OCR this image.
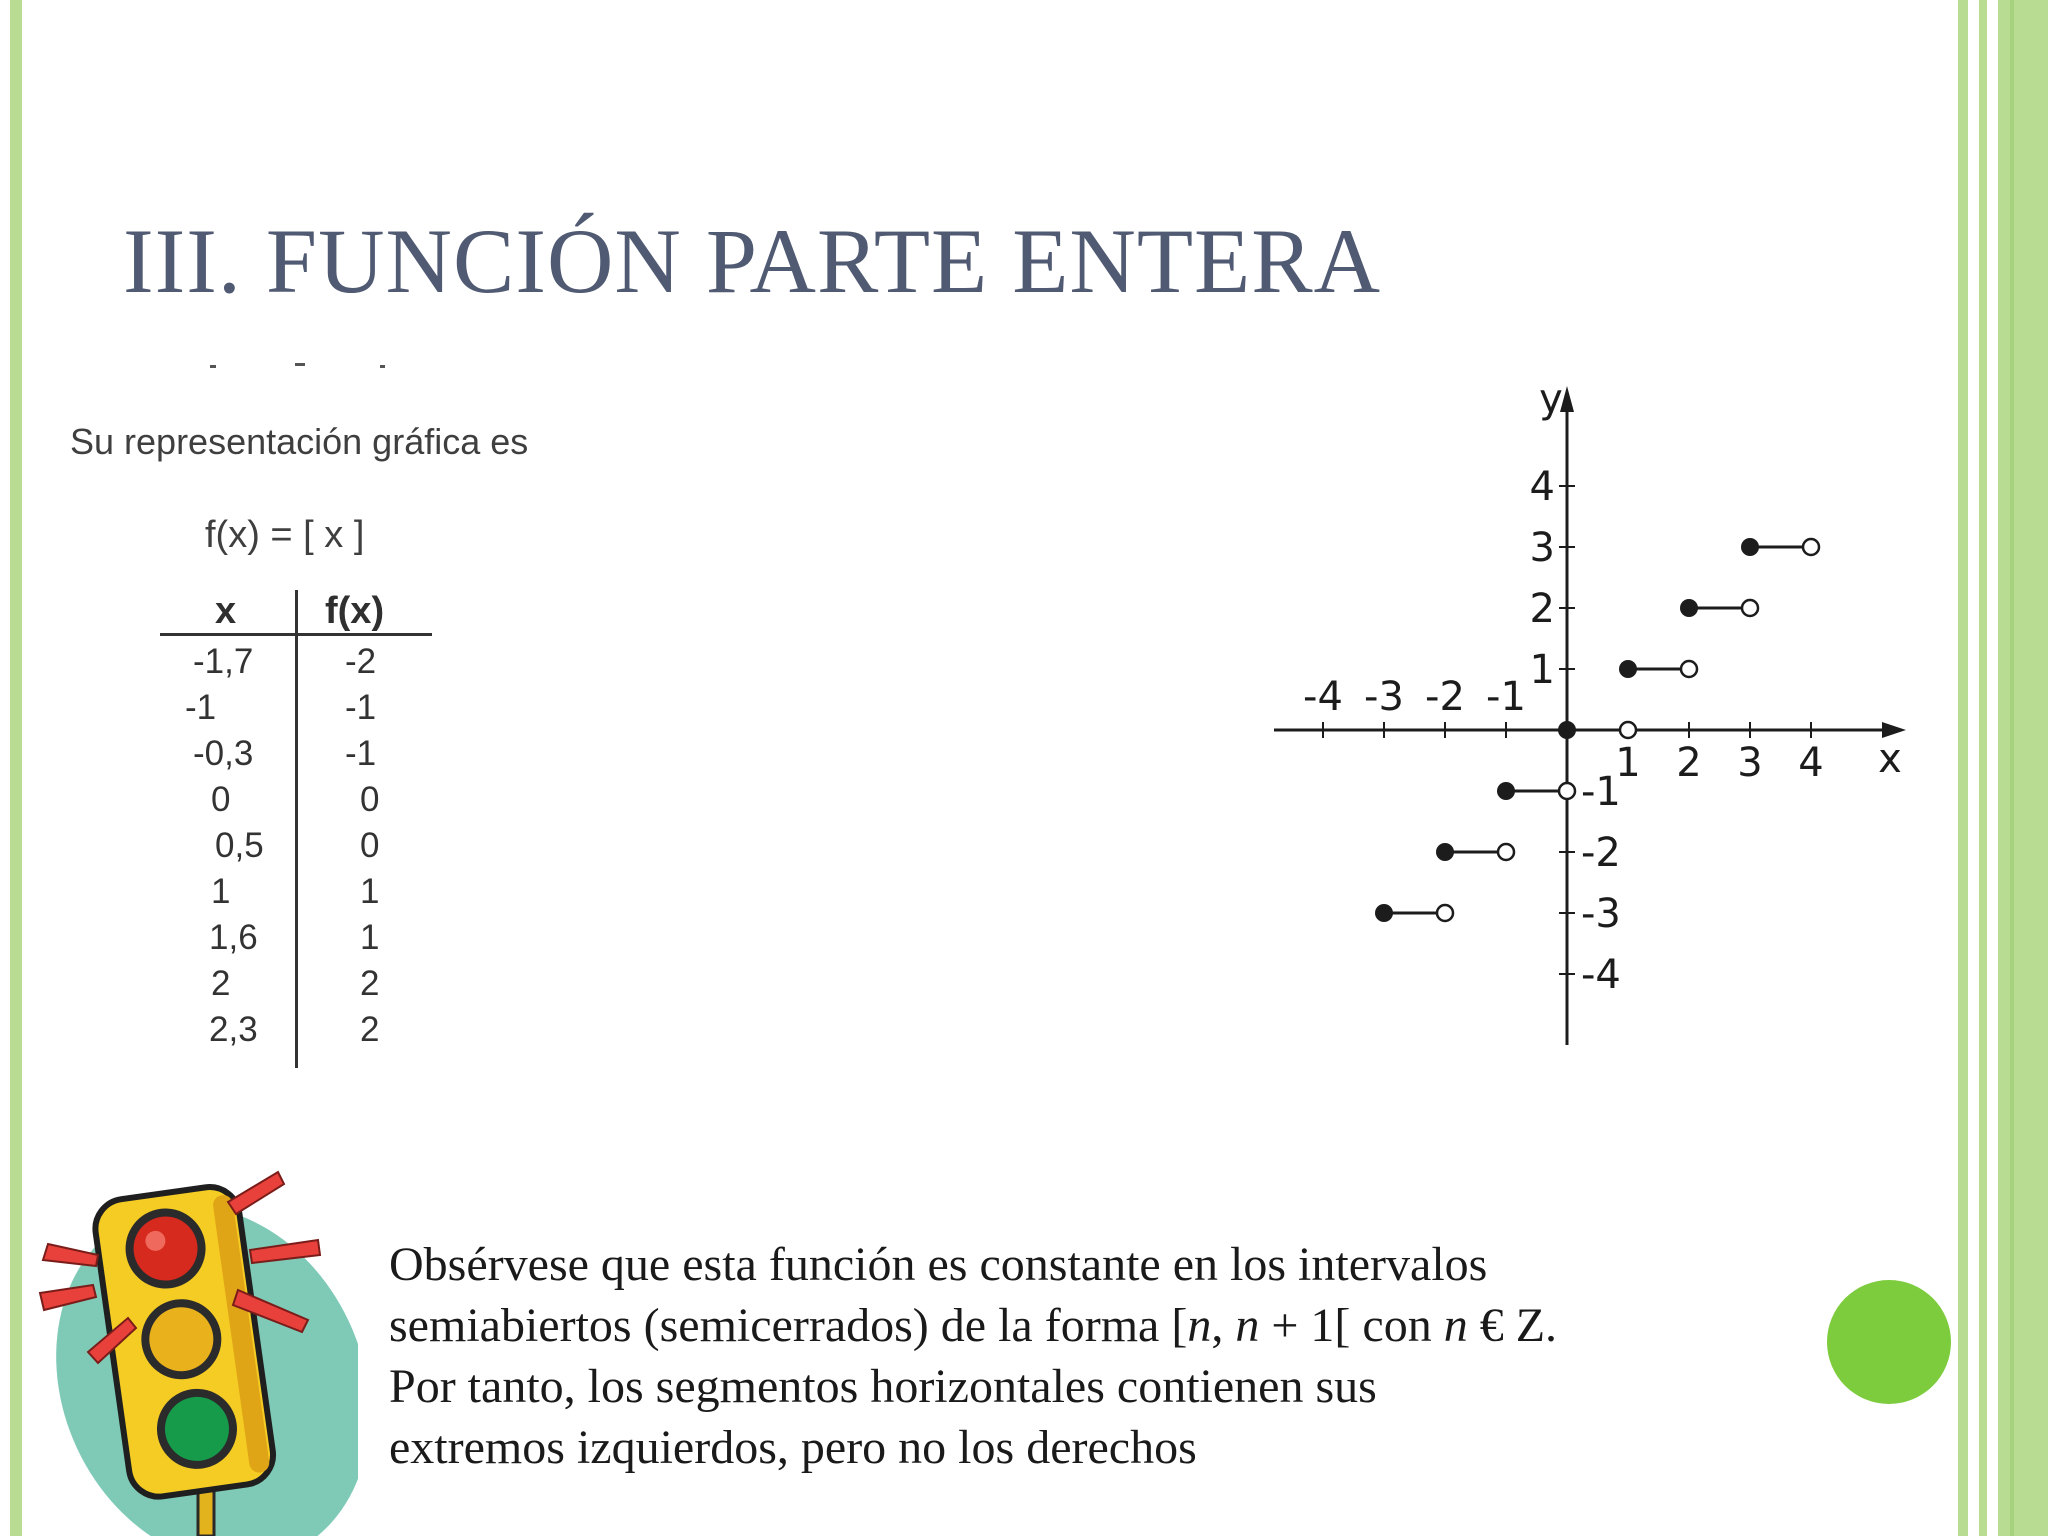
III. FUNCIÓN PARTE ENTERA
Su representación gráfica es
f(x) = [ x ]
x f(x)
-1,7	-2
-1	-1
-0,3	-1
0	0
0,5	0
1	1
1,6	1
2	2
2,3	2
-4 -3 -2 -1
1 2 3 4
4
3
2
1
-1
-2
-3
-4
x
y

Obsérvese que esta función es constante en los intervalos

semiabiertos (semicerrados) de la forma [n, n + 1[ con n € Z.

Por tanto, los segmentos horizontales contienen sus

extremos izquierdos, pero no los derechos
